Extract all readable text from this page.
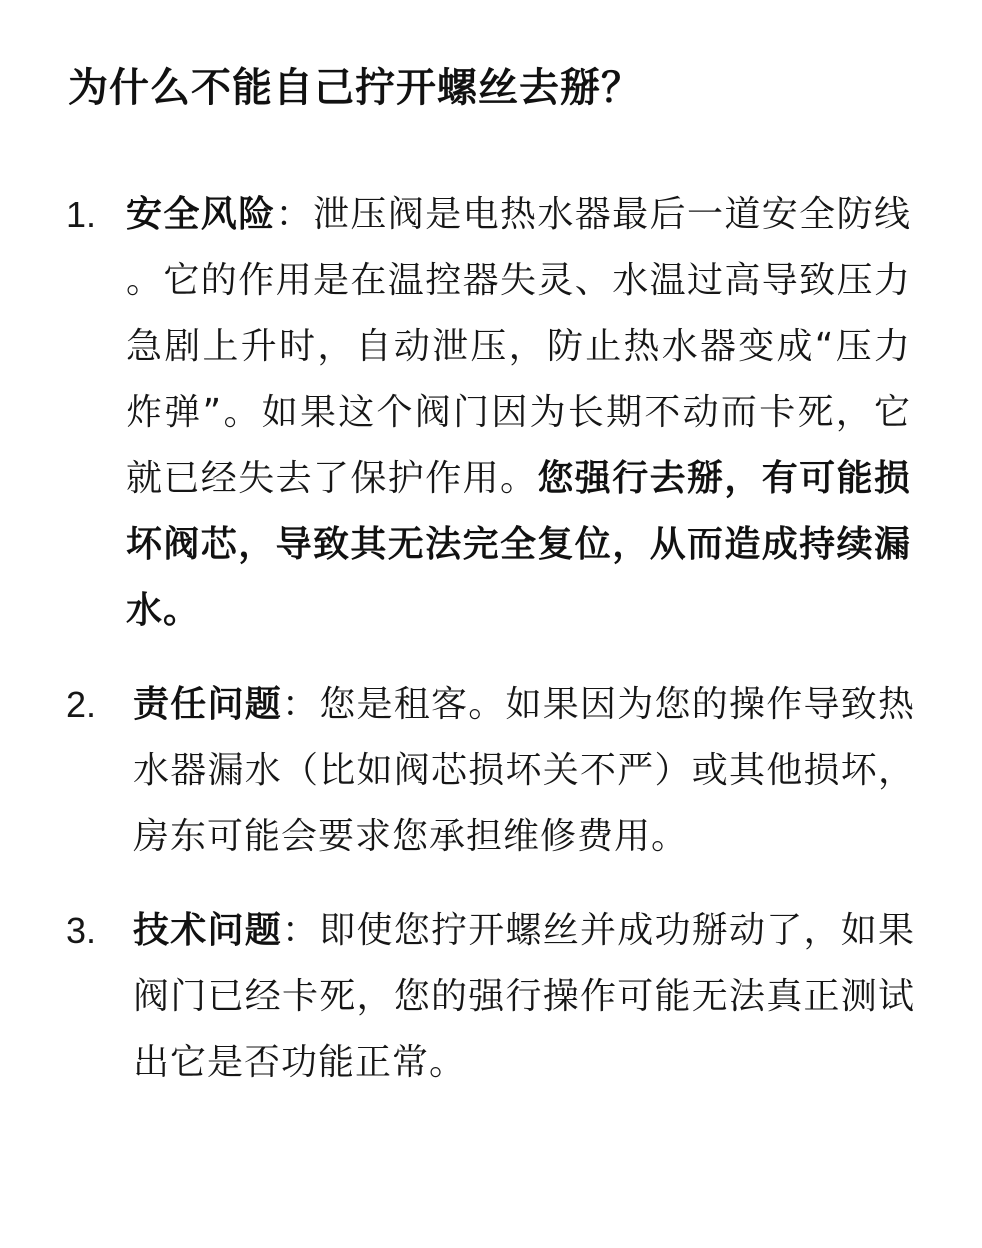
为什么不能自己拧开螺丝去掰？
1. 安全风险：泄压阀是电热水器最后一道安全防线。它的作用是在温控器失灵、水温过高导致压力急剧上升时，自动泄压，防止热水器变成“压力炸弹”。如果这个阀门因为长期不动而卡死，它就已经失去了保护作用。您强行去掰，有可能损坏阀芯，导致其无法完全复位，从而造成持续漏水。

2.	责任问题：您是租客。如果因为您的操作导致热水器漏水（比如阀芯损坏关不严）或其他损坏，房东可能会要求您承担维修费用。

3.	技术问题：即使您拧开螺丝并成功掰动了，如果阀门已经卡死，您的强行操作可能无法真正测试出它是否功能正常。
